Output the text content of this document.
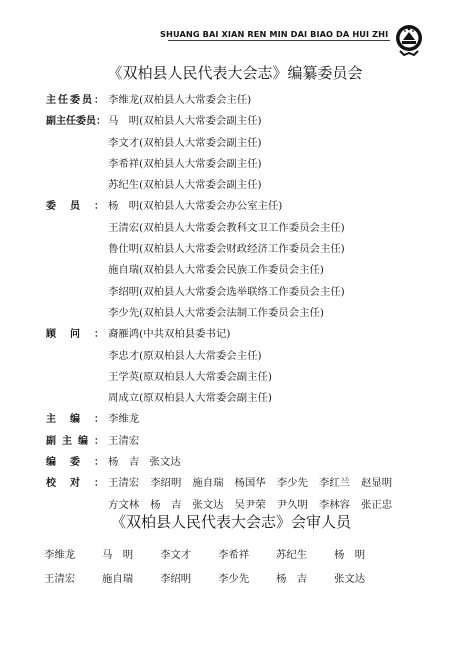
SHUANG BAI XIAN REN MIN DAI BIAO DA HUI ZHI
《双柏县人民代表大会志》编纂委员会
主 任 委 员 ： 李维龙(双柏县人大常委会主任)
副 主 任 委 员 ： 马　明(双柏县人大常委会副主任)
李文才(双柏县人大常委会副主任)
李希祥(双柏县人大常委会副主任)
苏纪生(双柏县人大常委会副主任)
委 员 ： 杨　明(双柏县人大常委会办公室主任)
王清宏(双柏县人大常委会教科文卫工作委员会主任)
鲁仕明(双柏县人大常委会财政经济工作委员会主任)
施自瑞(双柏县人大常委会民族工作委员会主任)
李绍明(双柏县人大常委会选举联络工作委员会主任)
李少先(双柏县人大常委会法制工作委员会主任)
顾 问 ： 裔雁鸿(中共双柏县委书记)
李忠才(原双柏县人大常委会主任)
王学英(原双柏县人大常委会副主任)
周成立(原双柏县人大常委会副主任)
主 编 ： 李维龙
副 主 编 ： 王清宏
编 委 ： 杨　吉　张文达
校 对 ： 王清宏 李绍明 施自瑞 杨国华 李少先 李红兰 赵显明
方文林 杨　吉 张文达 吴尹荣 尹久明 李林容 张正忠
《双柏县人民代表大会志》会审人员
李维龙	马　明	李文才	李希祥	苏纪生	杨　明
王清宏	施自瑞	李绍明	李少先	杨　吉	张文达
